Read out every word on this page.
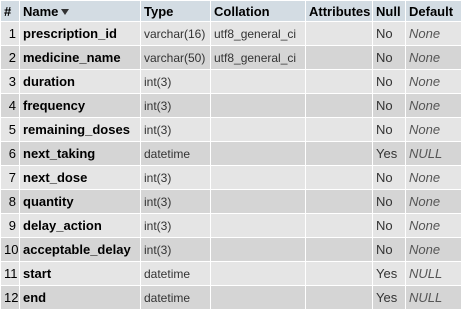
#	Name	Type	Collation	Attributes	Null	Default
1	prescription_id	varchar(16)	utf8_general_ci		No	None
2	medicine_name	varchar(50)	utf8_general_ci		No	None
3	duration	int(3)			No	None
4	frequency	int(3)			No	None
5	remaining_doses	int(3)			No	None
6	next_taking	datetime			Yes	NULL
7	next_dose	int(3)			No	None
8	quantity	int(3)			No	None
9	delay_action	int(3)			No	None
10	acceptable_delay	int(3)			No	None
11	start	datetime			Yes	NULL
12	end	datetime			Yes	NULL
